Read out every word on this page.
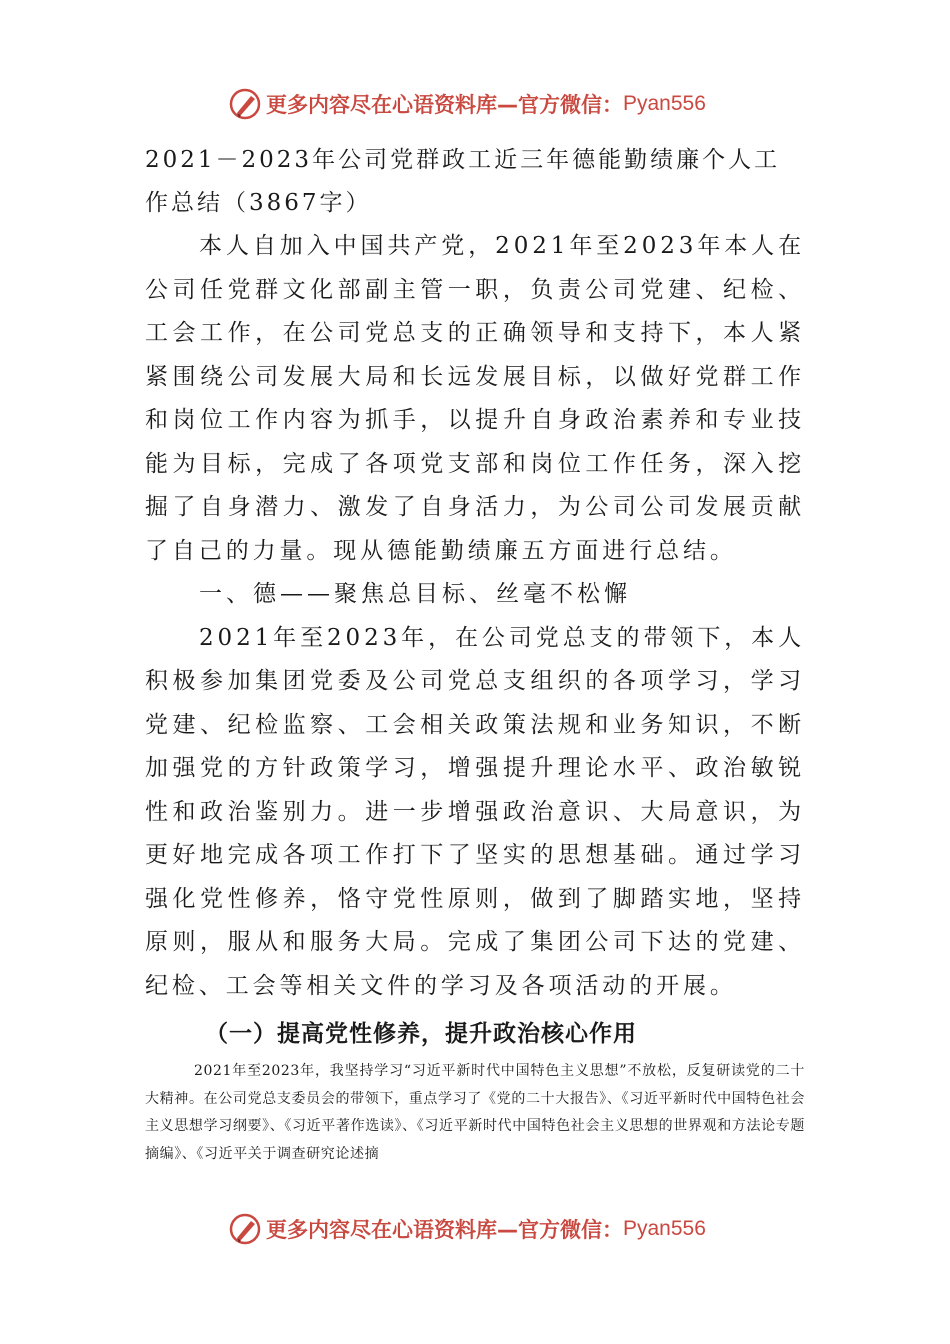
更多内容尽在心语资料库—官方微信： Pyan556

2021－2023年公司党群政工近三年德能勤绩廉个人工作总结（3867字）

本人自加入中国共产党，2021年至2023年本人在公司任党群文化部副主管一职，负责公司党建、纪检、工会工作，在公司党总支的正确领导和支持下，本人紧紧围绕公司发展大局和长远发展目标，以做好党群工作和岗位工作内容为抓手，以提升自身政治素养和专业技能为目标，完成了各项党支部和岗位工作任务，深入挖掘了自身潜力、激发了自身活力，为公司公司发展贡献了自己的力量。现从德能勤绩廉五方面进行总结。

一、德——聚焦总目标、丝毫不松懈

2021年至2023年，在公司党总支的带领下，本人积极参加集团党委及公司党总支组织的各项学习，学习党建、纪检监察、工会相关政策法规和业务知识，不断加强党的方针政策学习，增强提升理论水平、政治敏锐性和政治鉴别力。进一步增强政治意识、大局意识，为更好地完成各项工作打下了坚实的思想基础。通过学习强化党性修养，恪守党性原则，做到了脚踏实地，坚持原则，服从和服务大局。完成了集团公司下达的党建、纪检、工会等相关文件的学习及各项活动的开展。

（一）提高党性修养，提升政治核心作用

2021年至2023年，我坚持学习“习近平新时代中国特色主义思想”不放松，反复研读党的二十大精神。在公司党总支委员会的带领下，重点学习了《党的二十大报告》、《习近平新时代中国特色社会主义思想学习纲要》、《习近平著作选读》、《习近平新时代中国特色社会主义思想的世界观和方法论专题摘编》、《习近平关于调查研究论述摘

更多内容尽在心语资料库—官方微信： Pyan556
